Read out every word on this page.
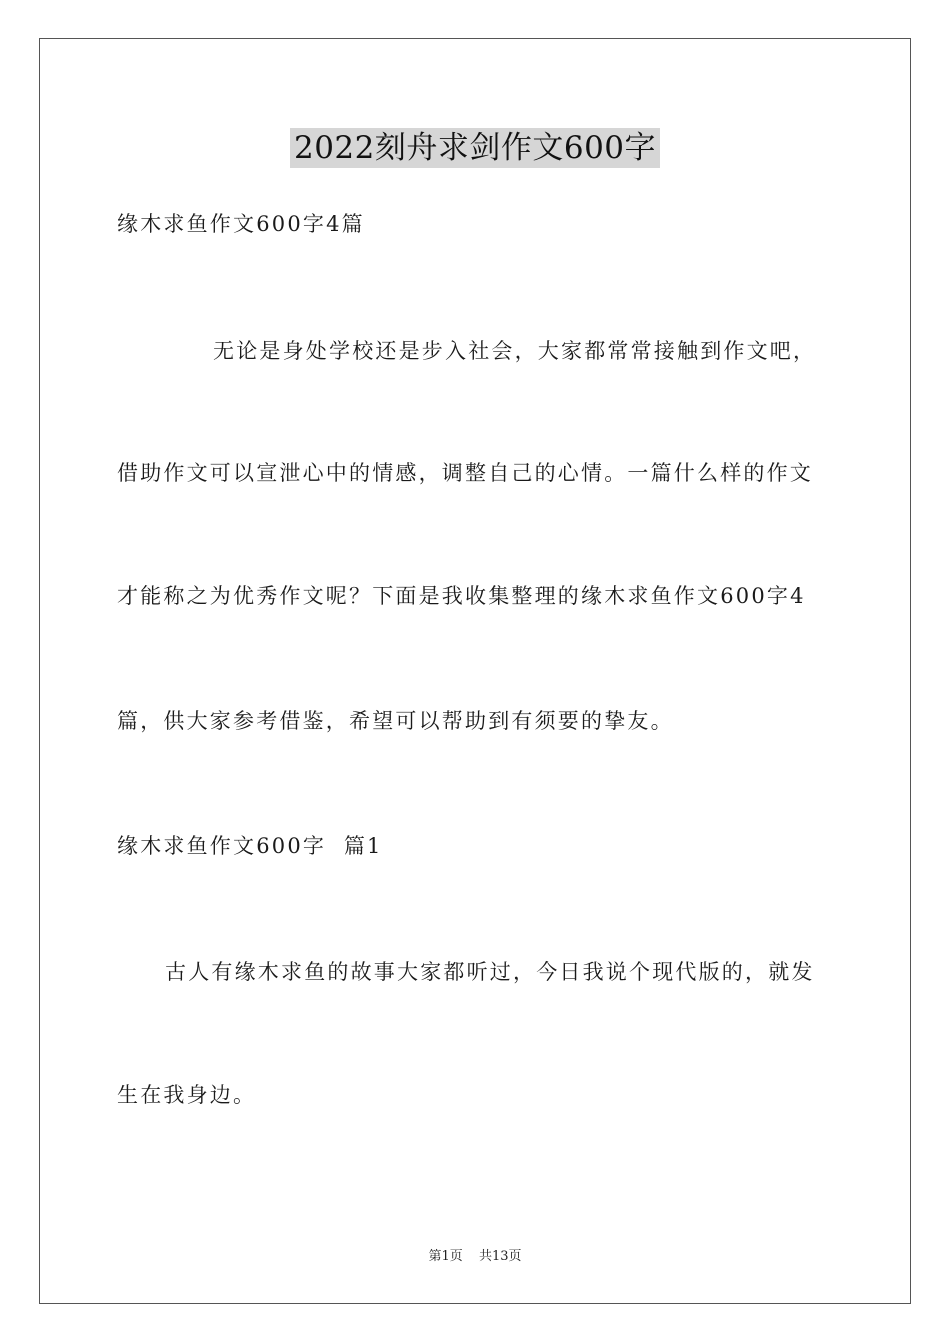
2022刻舟求剑作文600字
缘木求鱼作文600字4篇
无论是身处学校还是步入社会，大家都常常接触到作文吧，
借助作文可以宣泄心中的情感，调整自己的心情。一篇什么样的作文
才能称之为优秀作文呢？下面是我收集整理的缘木求鱼作文600字4
篇，供大家参考借鉴，希望可以帮助到有须要的挚友。
缘木求鱼作文600字  篇1
古人有缘木求鱼的故事大家都听过，今日我说个现代版的，就发
生在我身边。
第1页 共13页
